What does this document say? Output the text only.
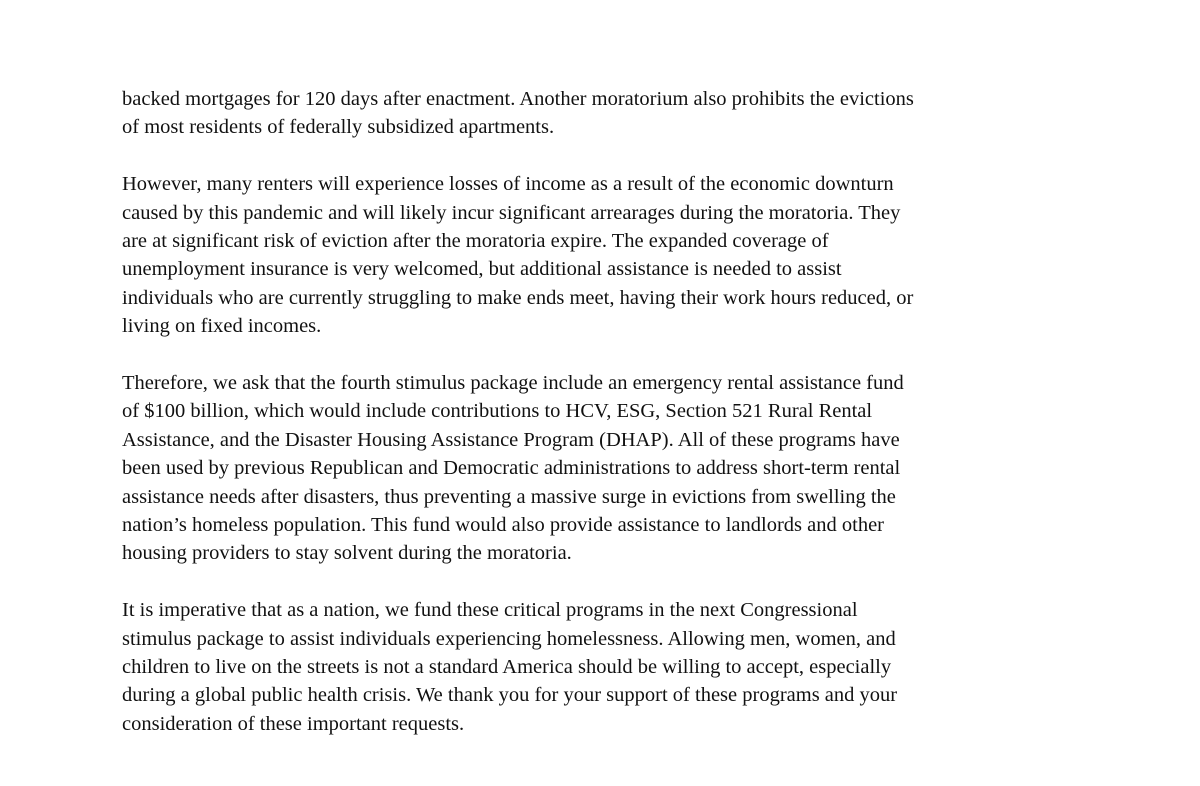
backed mortgages for 120 days after enactment. Another moratorium also prohibits the evictions
of most residents of federally subsidized apartments.

However, many renters will experience losses of income as a result of the economic downturn
caused by this pandemic and will likely incur significant arrearages during the moratoria. They
are at significant risk of eviction after the moratoria expire. The expanded coverage of
unemployment insurance is very welcomed, but additional assistance is needed to assist
individuals who are currently struggling to make ends meet, having their work hours reduced, or
living on fixed incomes.

Therefore, we ask that the fourth stimulus package include an emergency rental assistance fund
of $100 billion, which would include contributions to HCV, ESG, Section 521 Rural Rental
Assistance, and the Disaster Housing Assistance Program (DHAP). All of these programs have
been used by previous Republican and Democratic administrations to address short-term rental
assistance needs after disasters, thus preventing a massive surge in evictions from swelling the
nation’s homeless population. This fund would also provide assistance to landlords and other
housing providers to stay solvent during the moratoria.

It is imperative that as a nation, we fund these critical programs in the next Congressional
stimulus package to assist individuals experiencing homelessness. Allowing men, women, and
children to live on the streets is not a standard America should be willing to accept, especially
during a global public health crisis. We thank you for your support of these programs and your
consideration of these important requests.
